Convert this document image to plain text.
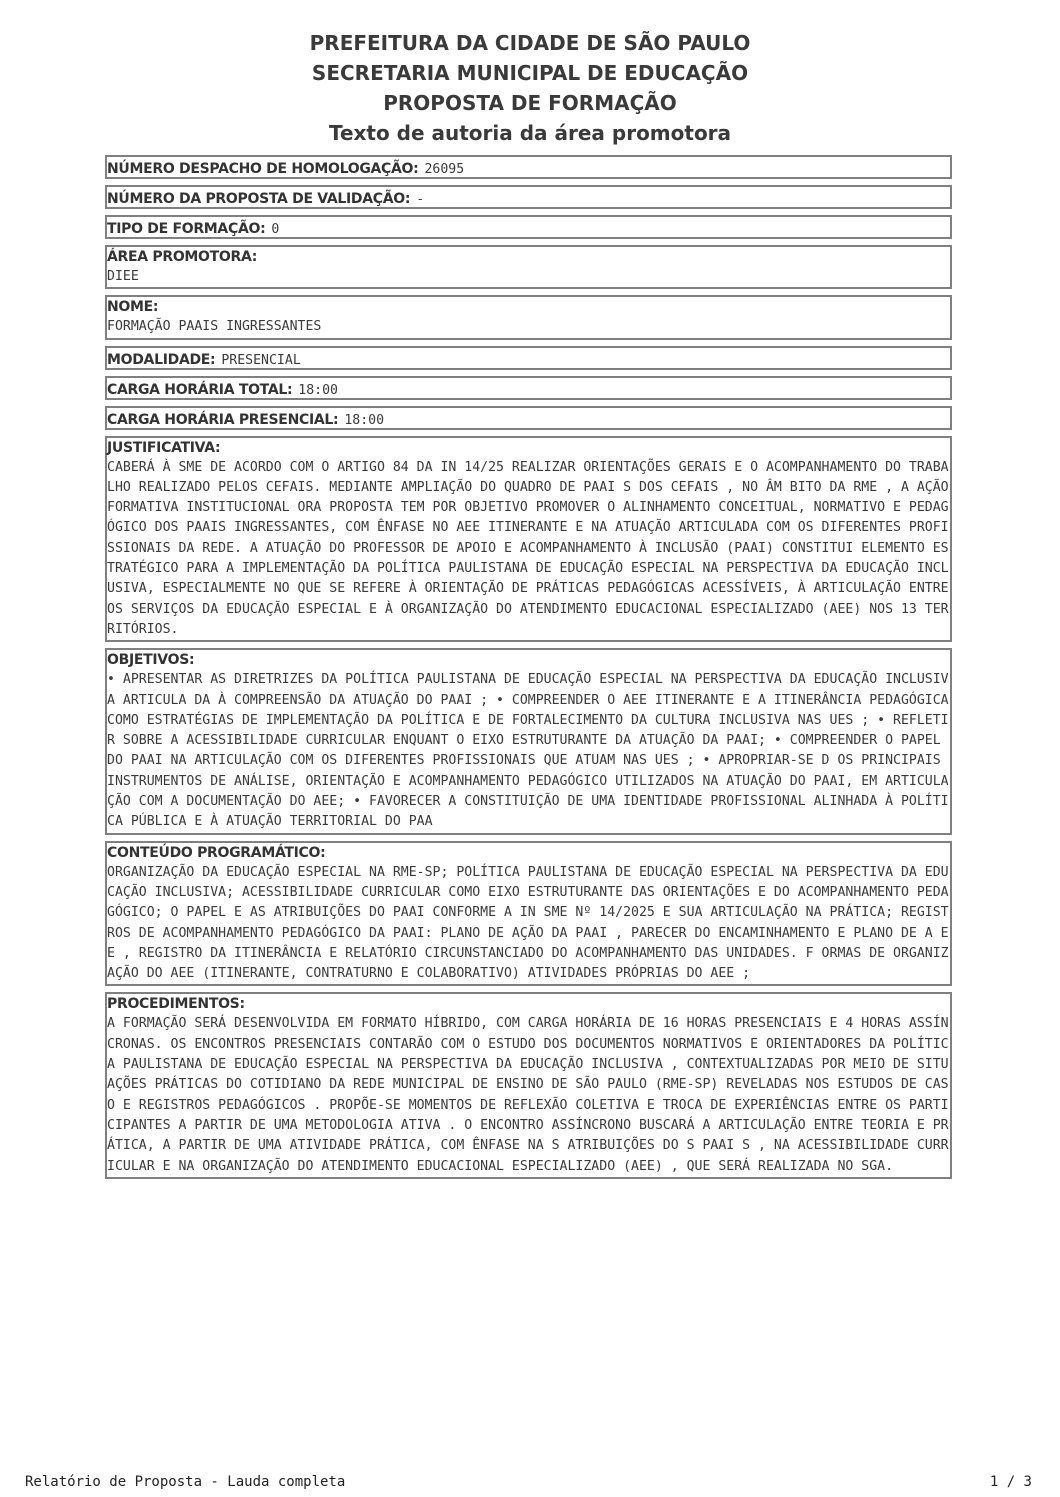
PREFEITURA DA CIDADE DE SÃO PAULO
SECRETARIA MUNICIPAL DE EDUCAÇÃO
PROPOSTA DE FORMAÇÃO
Texto de autoria da área promotora
NÚMERO DESPACHO DE HOMOLOGAÇÃO: 26095
NÚMERO DA PROPOSTA DE VALIDAÇÃO: -
TIPO DE FORMAÇÃO: 0
ÁREA PROMOTORA:
DIEE
NOME:
FORMAÇÃO PAAIS INGRESSANTES
MODALIDADE: PRESENCIAL
CARGA HORÁRIA TOTAL: 18:00
CARGA HORÁRIA PRESENCIAL: 18:00
JUSTIFICATIVA:
CABERÁ À SME DE ACORDO COM O ARTIGO 84 DA IN 14/25 REALIZAR ORIENTAÇÕES GERAIS E O ACOMPANHAMENTO DO TRABALHO REALIZADO PELOS CEFAIS. MEDIANTE AMPLIAÇÃO DO QUADRO DE PAAI S DOS CEFAIS , NO ÂM BITO DA RME , A AÇÃO FORMATIVA INSTITUCIONAL ORA PROPOSTA TEM POR OBJETIVO PROMOVER O ALINHAMENTO CONCEITUAL, NORMATIVO E PEDAGÓGICO DOS PAAIS INGRESSANTES, COM ÊNFASE NO AEE ITINERANTE E NA ATUAÇÃO ARTICULADA COM OS DIFERENTES PROFISSIONAIS DA REDE. A ATUAÇÃO DO PROFESSOR DE APOIO E ACOMPANHAMENTO À INCLUSÃO (PAAI) CONSTITUI ELEMENTO ESTRATÉGICO PARA A IMPLEMENTAÇÃO DA POLÍTICA PAULISTANA DE EDUCAÇÃO ESPECIAL NA PERSPECTIVA DA EDUCAÇÃO INCLUSIVA, ESPECIALMENTE NO QUE SE REFERE À ORIENTAÇÃO DE PRÁTICAS PEDAGÓGICAS ACESSÍVEIS, À ARTICULAÇÃO ENTRE OS SERVIÇOS DA EDUCAÇÃO ESPECIAL E À ORGANIZAÇÃO DO ATENDIMENTO EDUCACIONAL ESPECIALIZADO (AEE) NOS 13 TERRITÓRIOS.
OBJETIVOS:
• APRESENTAR AS DIRETRIZES DA POLÍTICA PAULISTANA DE EDUCAÇÃO ESPECIAL NA PERSPECTIVA DA EDUCAÇÃO INCLUSIV A ARTICULA DA À COMPREENSÃO DA ATUAÇÃO DO PAAI ; • COMPREENDER O AEE ITINERANTE E A ITINERÂNCIA PEDAGÓGICA COMO ESTRATÉGIAS DE IMPLEMENTAÇÃO DA POLÍTICA E DE FORTALECIMENTO DA CULTURA INCLUSIVA NAS UES ; • REFLETIR SOBRE A ACESSIBILIDADE CURRICULAR ENQUANT O EIXO ESTRUTURANTE DA ATUAÇÃO DA PAAI; • COMPREENDER O PAPEL DO PAAI NA ARTICULAÇÃO COM OS DIFERENTES PROFISSIONAIS QUE ATUAM NAS UES ; • APROPRIAR-SE D OS PRINCIPAIS INSTRUMENTOS DE ANÁLISE, ORIENTAÇÃO E ACOMPANHAMENTO PEDAGÓGICO UTILIZADOS NA ATUAÇÃO DO PAAI, EM ARTICULAÇÃO COM A DOCUMENTAÇÃO DO AEE; • FAVORECER A CONSTITUIÇÃO DE UMA IDENTIDADE PROFISSIONAL ALINHADA À POLÍTICA PÚBLICA E À ATUAÇÃO TERRITORIAL DO PAA
CONTEÚDO PROGRAMÁTICO:
ORGANIZAÇÃO DA EDUCAÇÃO ESPECIAL NA RME-SP; POLÍTICA PAULISTANA DE EDUCAÇÃO ESPECIAL NA PERSPECTIVA DA EDUCAÇÃO INCLUSIVA; ACESSIBILIDADE CURRICULAR COMO EIXO ESTRUTURANTE DAS ORIENTAÇÕES E DO ACOMPANHAMENTO PEDAGÓGICO; O PAPEL E AS ATRIBUIÇÕES DO PAAI CONFORME A IN SME Nº 14/2025 E SUA ARTICULAÇÃO NA PRÁTICA; REGISTROS DE ACOMPANHAMENTO PEDAGÓGICO DA PAAI: PLANO DE AÇÃO DA PAAI , PARECER DO ENCAMINHAMENTO E PLANO DE A EE , REGISTRO DA ITINERÂNCIA E RELATÓRIO CIRCUNSTANCIADO DO ACOMPANHAMENTO DAS UNIDADES. F ORMAS DE ORGANIZAÇÃO DO AEE (ITINERANTE, CONTRATURNO E COLABORATIVO) ATIVIDADES PRÓPRIAS DO AEE ;
PROCEDIMENTOS:
A FORMAÇÃO SERÁ DESENVOLVIDA EM FORMATO HÍBRIDO, COM CARGA HORÁRIA DE 16 HORAS PRESENCIAIS E 4 HORAS ASSÍNCRONAS. OS ENCONTROS PRESENCIAIS CONTARÃO COM O ESTUDO DOS DOCUMENTOS NORMATIVOS E ORIENTADORES DA POLÍTICA PAULISTANA DE EDUCAÇÃO ESPECIAL NA PERSPECTIVA DA EDUCAÇÃO INCLUSIVA , CONTEXTUALIZADAS POR MEIO DE SITUAÇÕES PRÁTICAS DO COTIDIANO DA REDE MUNICIPAL DE ENSINO DE SÃO PAULO (RME-SP) REVELADAS NOS ESTUDOS DE CASO E REGISTROS PEDAGÓGICOS . PROPÕE-SE MOMENTOS DE REFLEXÃO COLETIVA E TROCA DE EXPERIÊNCIAS ENTRE OS PARTICIPANTES A PARTIR DE UMA METODOLOGIA ATIVA . O ENCONTRO ASSÍNCRONO BUSCARÁ A ARTICULAÇÃO ENTRE TEORIA E PRÁTICA, A PARTIR DE UMA ATIVIDADE PRÁTICA, COM ÊNFASE NA S ATRIBUIÇÕES DO S PAAI S , NA ACESSIBILIDADE CURRICULAR E NA ORGANIZAÇÃO DO ATENDIMENTO EDUCACIONAL ESPECIALIZADO (AEE) , QUE SERÁ REALIZADA NO SGA.
Relatório de Proposta - Lauda completa	1 / 3
